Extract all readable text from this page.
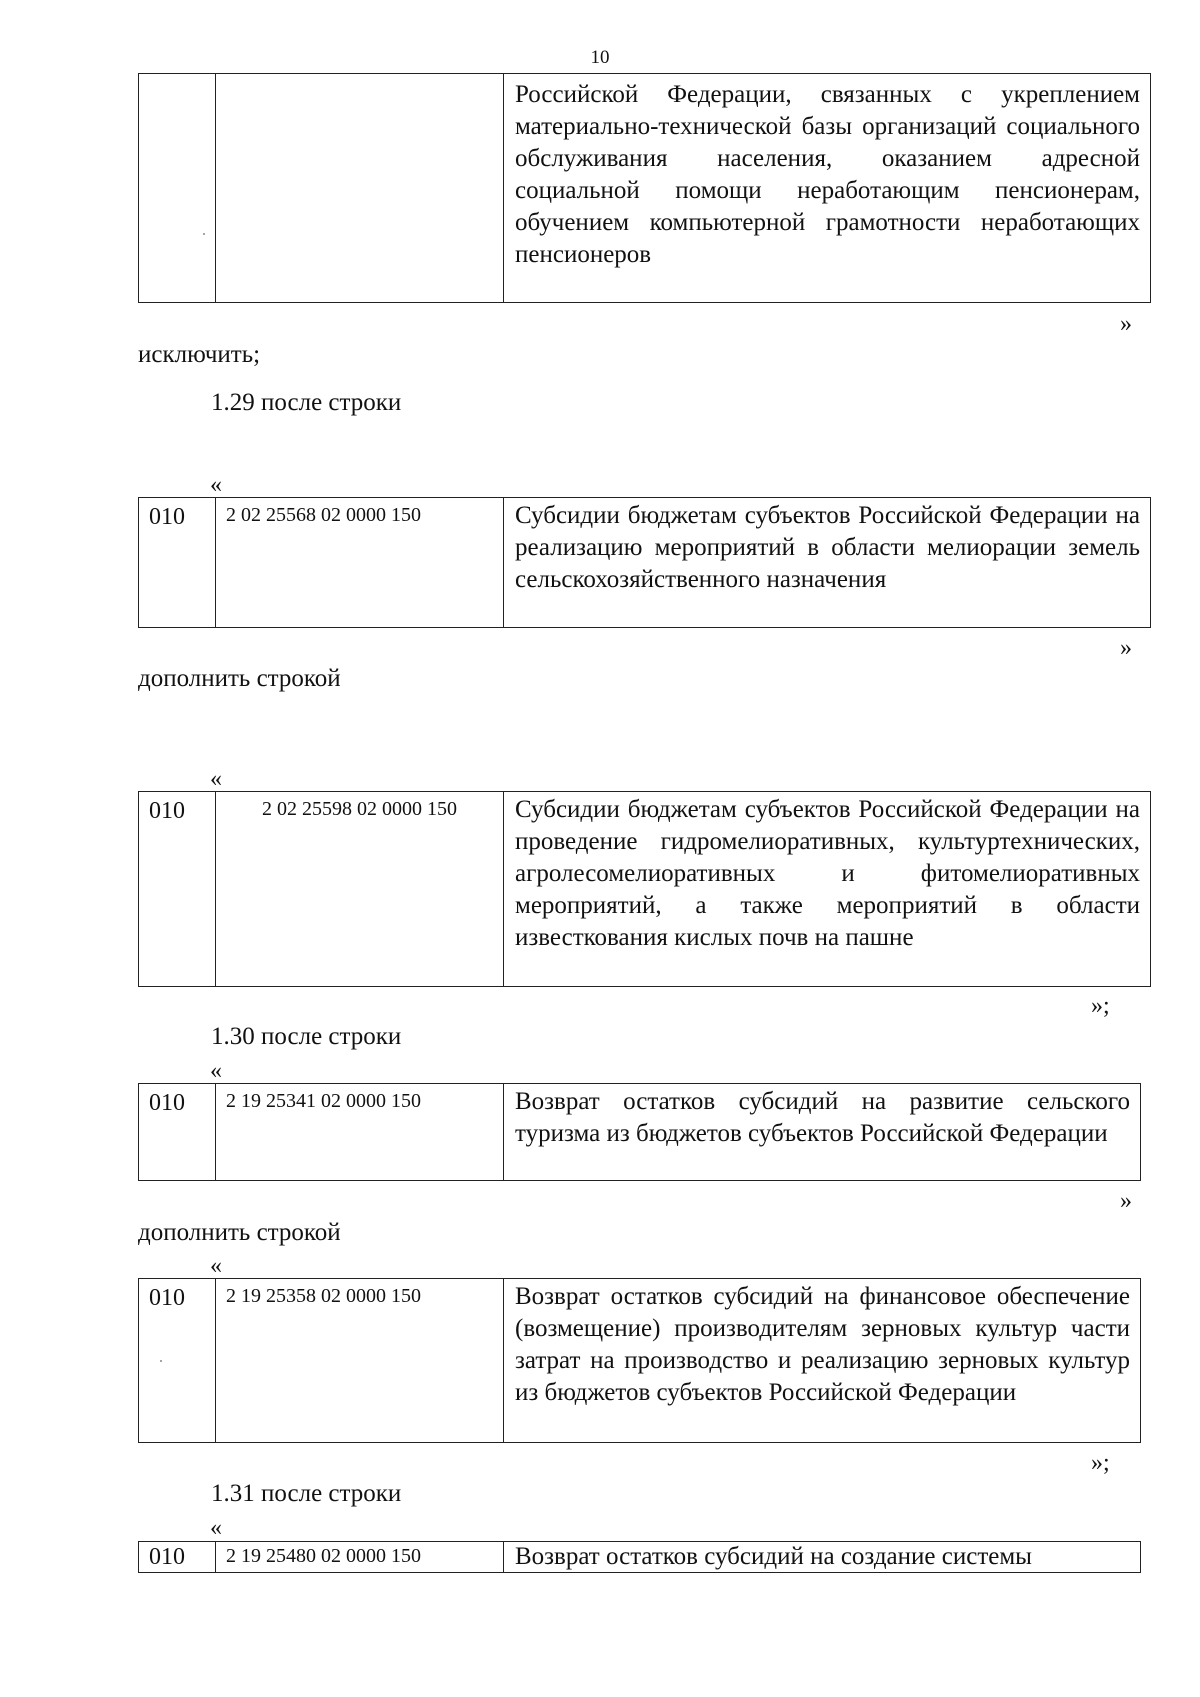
10
		Российской Федерации, связанных с укреплением материально-технической базы организаций социального обслуживания населения, оказанием адресной социальной помощи неработающим пенсионерам, обучением компьютерной грамотности неработающих пенсионеров
»
исключить;
1.29 после строки
«
010	2 02 25568 02 0000 150	Субсидии бюджетам субъектов Российской Федерации на реализацию мероприятий в области мелиорации земель сельскохозяйственного назначения
»
дополнить строкой
«
010	2 02 25598 02 0000 150	Субсидии бюджетам субъектов Российской Федерации на проведение гидромелиоративных, культуртехнических, агролесомелиоративных и фитомелиоративных мероприятий, а также мероприятий в области известкования кислых почв на пашне
»;
1.30 после строки
«
010	2 19 25341 02 0000 150	Возврат остатков субсидий на развитие сельского туризма из бюджетов субъектов Российской Федерации
»
дополнить строкой
«
010	2 19 25358 02 0000 150	Возврат остатков субсидий на финансовое обеспечение (возмещение) производителям зерновых культур части затрат на производство и реализацию зерновых культур из бюджетов субъектов Российской Федерации
»;
1.31 после строки
«
010	2 19 25480 02 0000 150	Возврат остатков субсидий на создание системы
